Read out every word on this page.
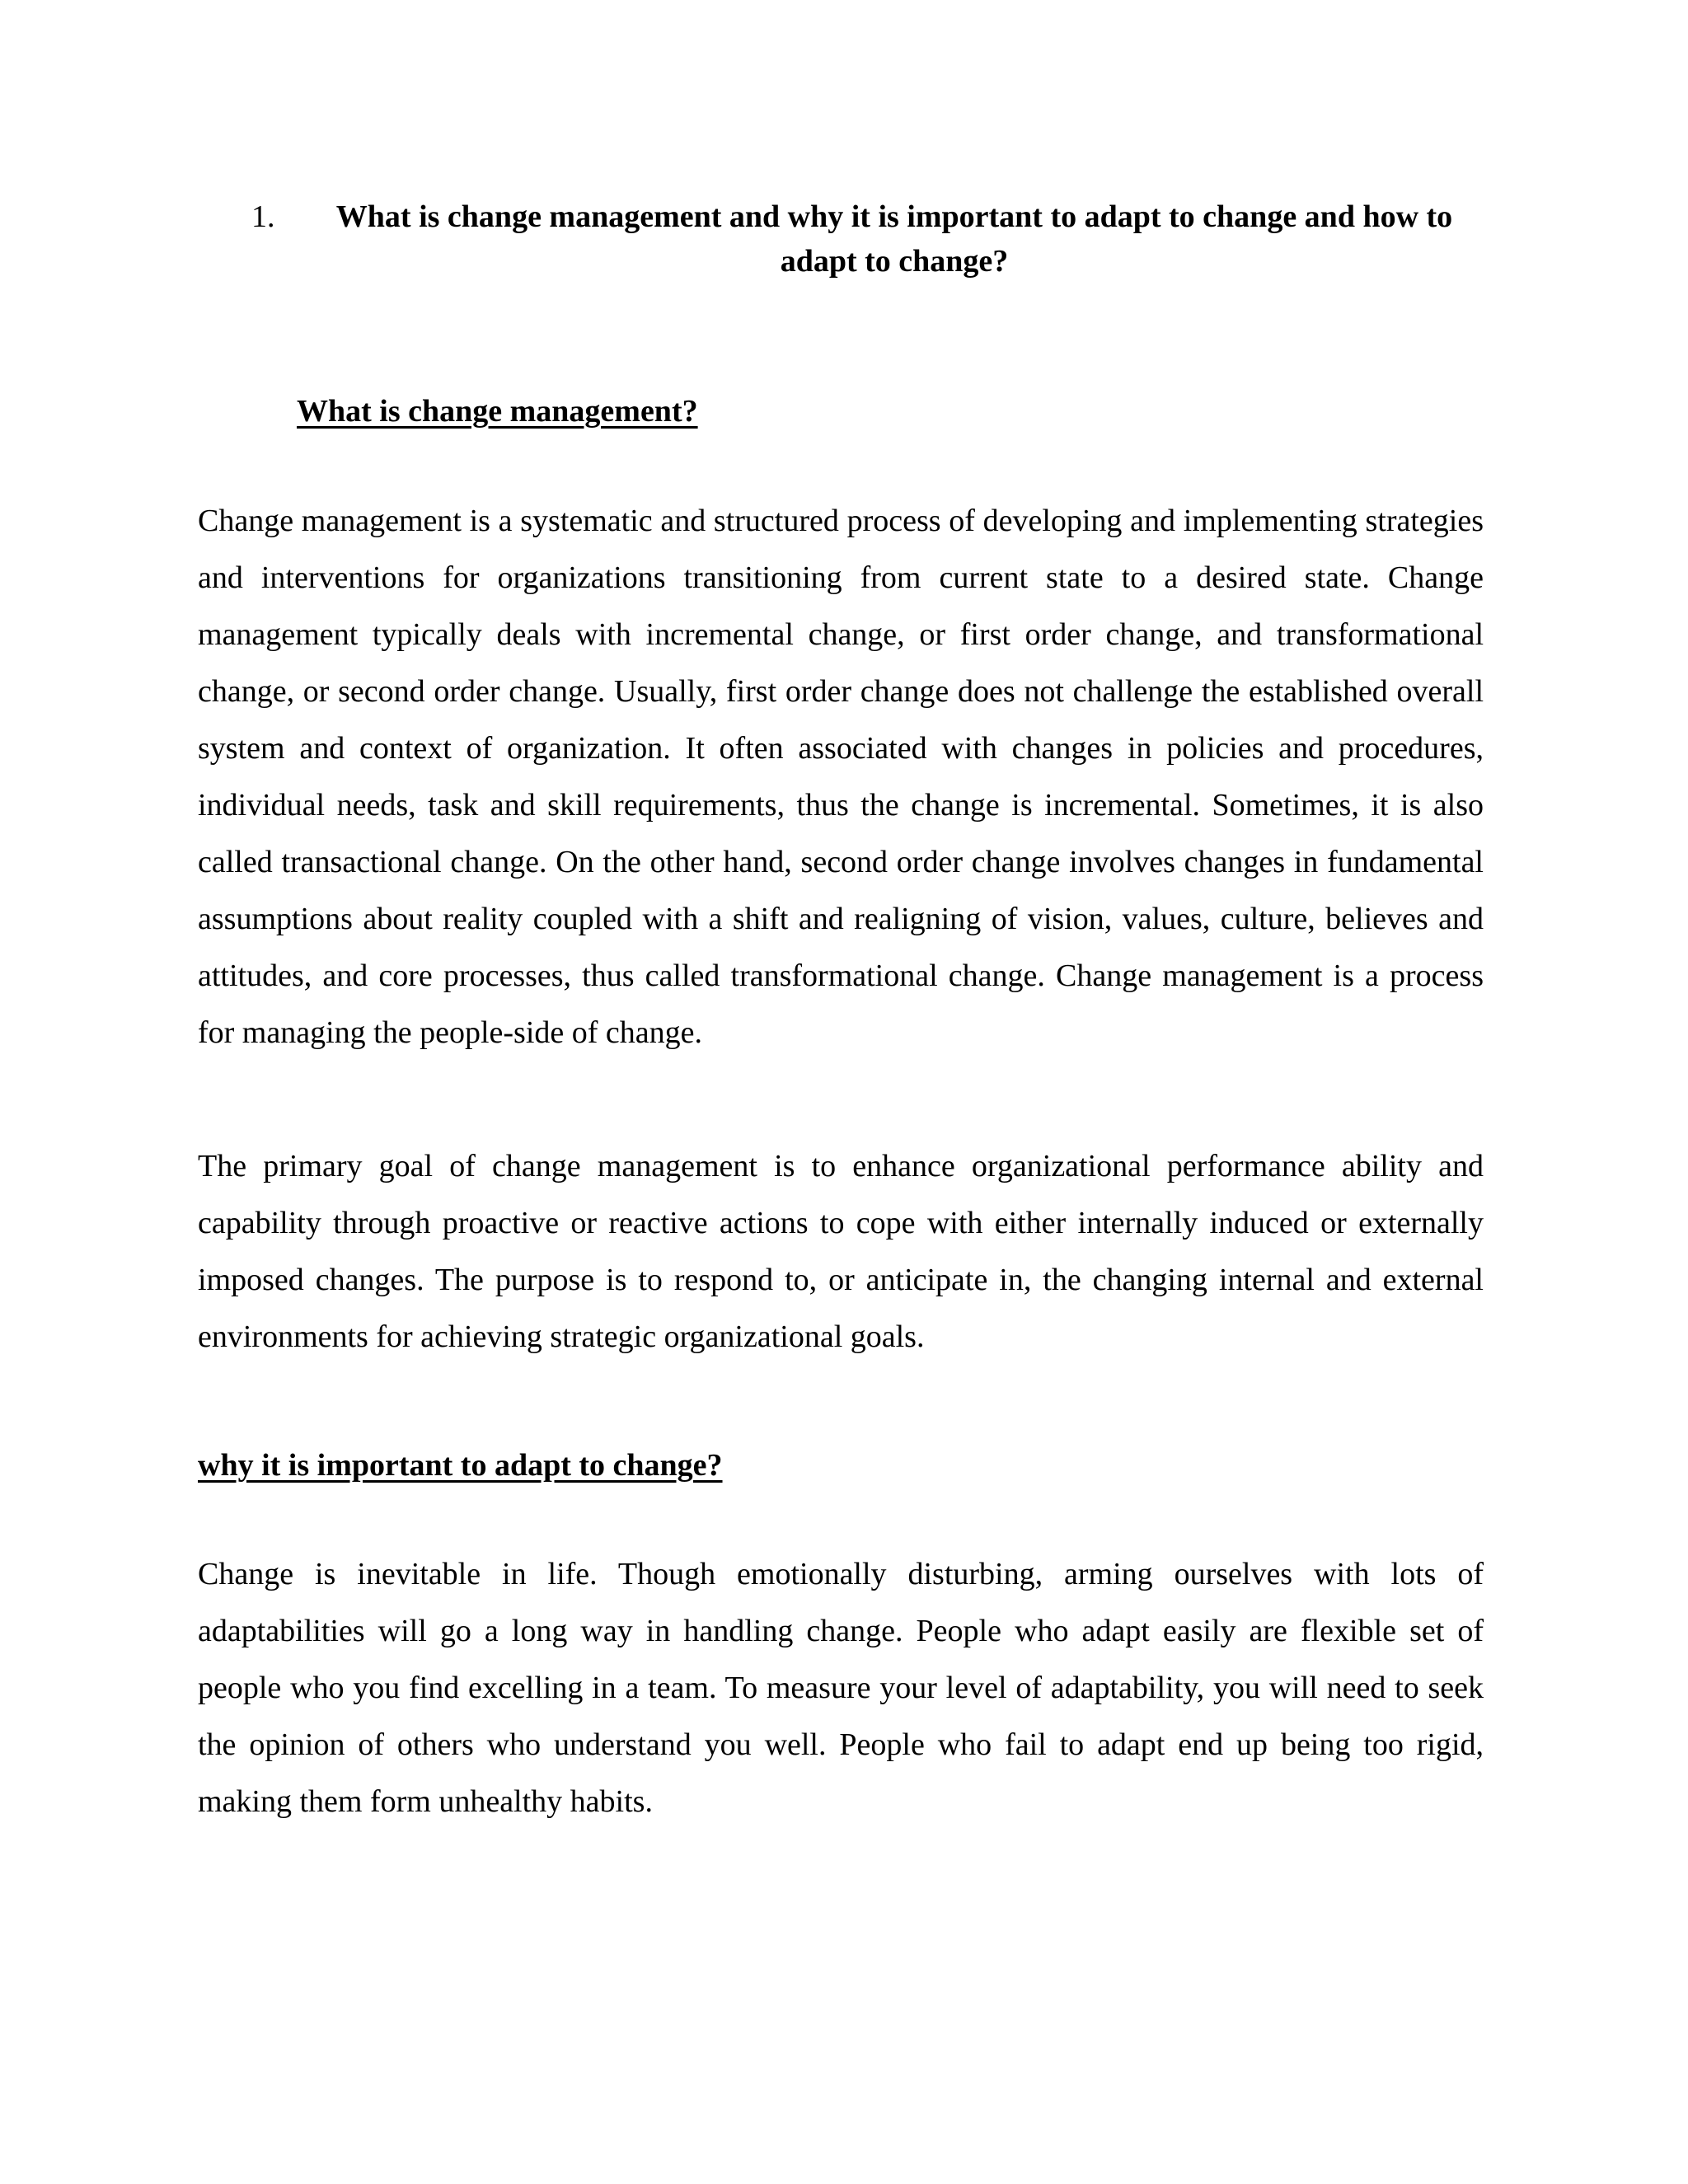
1.	What is change management and why it is important to adapt to change and how to adapt to change?
What is change management?

Change management is a systematic and structured process of developing and implementing strategies and interventions for organizations transitioning from current state to a desired state. Change management typically deals with incremental change, or first order change, and transformational change, or second order change. Usually, first order change does not challenge the established overall system and context of organization. It often associated with changes in policies and procedures, individual needs, task and skill requirements, thus the change is incremental. Sometimes, it is also called transactional change. On the other hand, second order change involves changes in fundamental assumptions about reality coupled with a shift and realigning of vision, values, culture, believes and attitudes, and core processes, thus called transformational change. Change management is a process for managing the people-side of change.

The primary goal of change management is to enhance organizational performance ability and capability through proactive or reactive actions to cope with either internally induced or externally imposed changes. The purpose is to respond to, or anticipate in, the changing internal and external environments for achieving strategic organizational goals.

why it is important to adapt to change?

Change is inevitable in life. Though emotionally disturbing, arming ourselves with lots of adaptabilities will go a long way in handling change. People who adapt easily are flexible set of people who you find excelling in a team. To measure your level of adaptability, you will need to seek the opinion of others who understand you well. People who fail to adapt end up being too rigid, making them form unhealthy habits.
